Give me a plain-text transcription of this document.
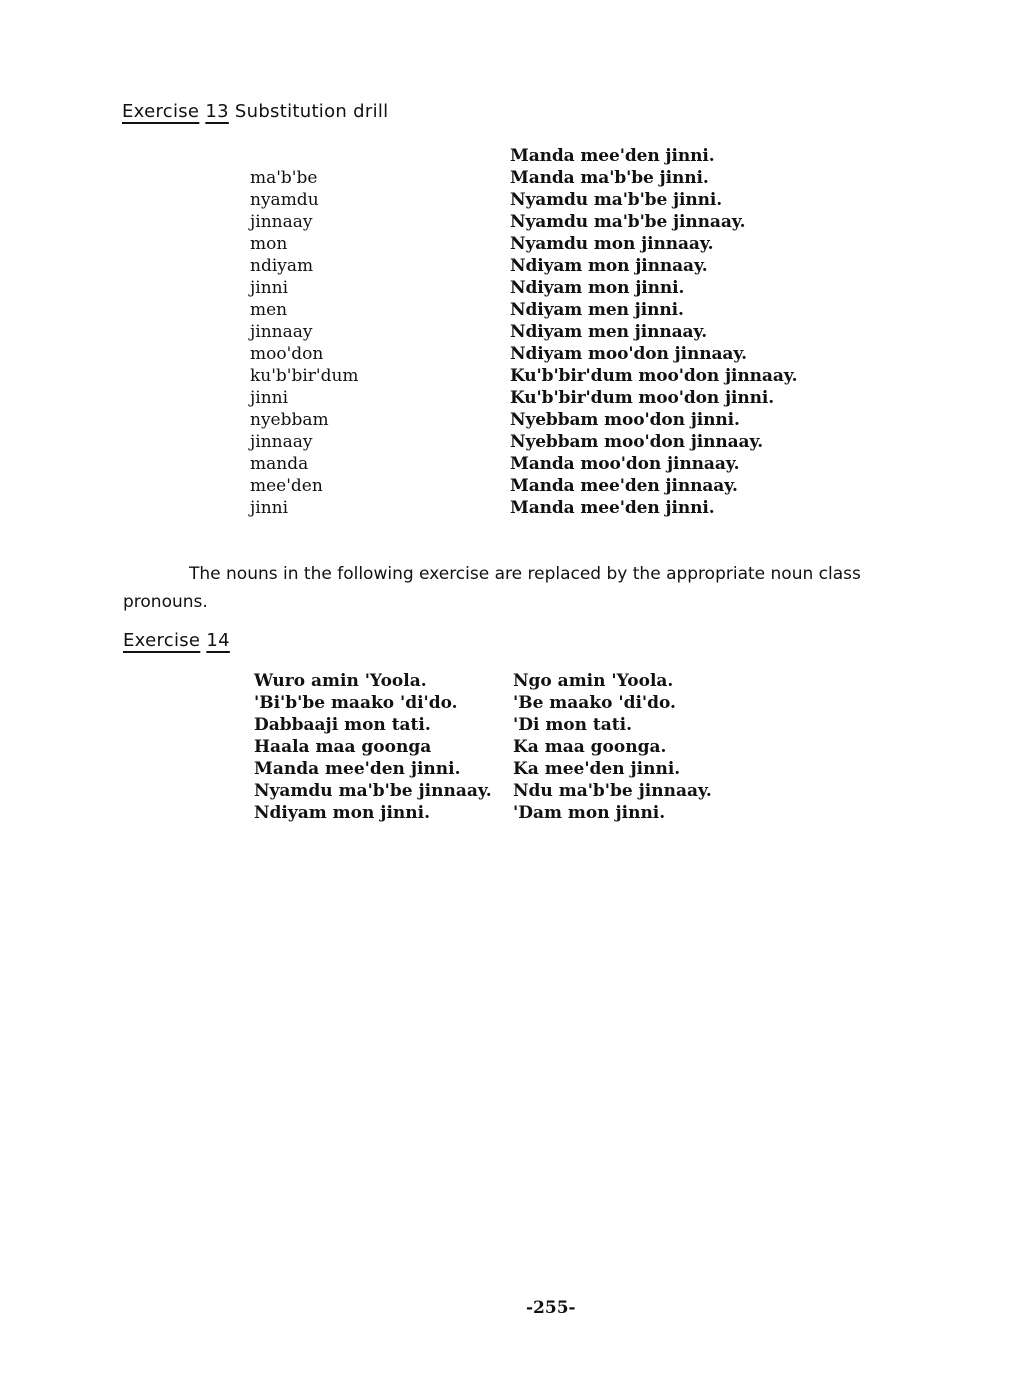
Exercise 13 Substitution drill
ma'b'be
nyamdu
jinnaay
mon
ndiyam
jinni
men
jinnaay
moo'don
ku'b'bir'dum
jinni
nyebbam
jinnaay
manda
mee'den
jinni
Manda mee'den jinni.
Manda ma'b'be jinni.
Nyamdu ma'b'be jinni.
Nyamdu ma'b'be jinnaay.
Nyamdu mon jinnaay.
Ndiyam mon jinnaay.
Ndiyam mon jinni.
Ndiyam men jinni.
Ndiyam men jinnaay.
Ndiyam moo'don jinnaay.
Ku'b'bir'dum moo'don jinnaay.
Ku'b'bir'dum moo'don jinni.
Nyebbam moo'don jinni.
Nyebbam moo'don jinnaay.
Manda moo'don jinnaay.
Manda mee'den jinnaay.
Manda mee'den jinni.

The nouns in the following exercise are replaced by the appropriate noun class pronouns.

Exercise 14
Wuro amin 'Yoola.
'Bi'b'be maako 'di'do.
Dabbaaji mon tati.
Haala maa goonga
Manda mee'den jinni.
Nyamdu ma'b'be jinnaay.
Ndiyam mon jinni.
Ngo amin 'Yoola.
'Be maako 'di'do.
'Di mon tati.
Ka maa goonga.
Ka mee'den jinni.
Ndu ma'b'be jinnaay.
'Dam mon jinni.
-255-
